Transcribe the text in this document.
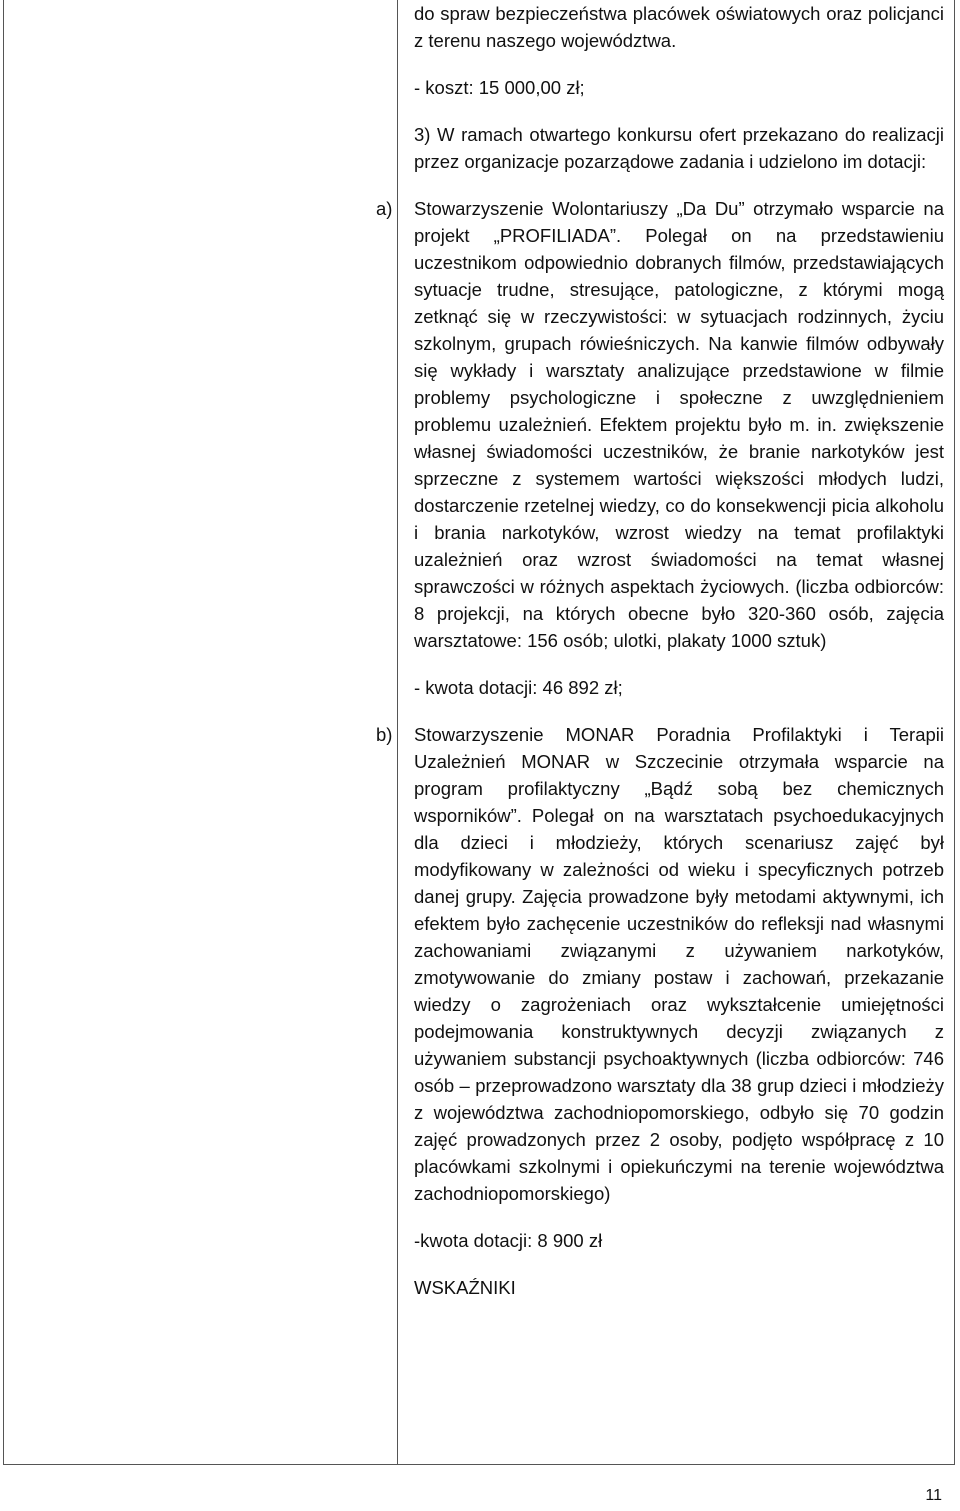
do spraw bezpieczeństwa placówek oświatowych oraz policjanci z terenu naszego województwa.

- koszt: 15 000,00 zł;

3) W ramach otwartego konkursu ofert przekazano do realizacji przez organizacje pozarządowe zadania i udzielono im dotacji:

a) Stowarzyszenie Wolontariuszy „Da Du” otrzymało wsparcie na projekt „PROFILIADA”. Polegał on na przedstawieniu uczestnikom odpowiednio dobranych filmów, przedstawiających sytuacje trudne, stresujące, patologiczne, z którymi mogą zetknąć się w rzeczywistości: w sytuacjach rodzinnych, życiu szkolnym, grupach rówieśniczych. Na kanwie filmów odbywały się wykłady i warsztaty analizujące przedstawione w filmie problemy psychologiczne i społeczne z uwzględnieniem problemu uzależnień. Efektem projektu było m. in. zwiększenie własnej świadomości uczestników, że branie narkotyków jest sprzeczne z systemem wartości większości młodych ludzi, dostarczenie rzetelnej wiedzy, co do konsekwencji picia alkoholu i brania narkotyków, wzrost wiedzy na temat profilaktyki uzależnień oraz wzrost świadomości na temat własnej sprawczości w różnych aspektach życiowych. (liczba odbiorców: 8 projekcji, na których obecne było 320-360 osób, zajęcia warsztatowe: 156 osób; ulotki, plakaty 1000 sztuk)

- kwota dotacji: 46 892 zł;

b) Stowarzyszenie MONAR Poradnia Profilaktyki i Terapii Uzależnień MONAR w Szczecinie otrzymała wsparcie na program profilaktyczny „Bądź sobą bez chemicznych wsporników”. Polegał on na warsztatach psychoedukacyjnych dla dzieci i młodzieży, których scenariusz zajęć był modyfikowany w zależności od wieku i specyficznych potrzeb danej grupy. Zajęcia prowadzone były metodami aktywnymi, ich efektem było zachęcenie uczestników do refleksji nad własnymi zachowaniami związanymi z używaniem narkotyków, zmotywowanie do zmiany postaw i zachowań, przekazanie wiedzy o zagrożeniach oraz wykształcenie umiejętności podejmowania konstruktywnych decyzji związanych z używaniem substancji psychoaktywnych (liczba odbiorców: 746 osób – przeprowadzono warsztaty dla 38 grup dzieci i młodzieży z województwa zachodniopomorskiego, odbyło się 70 godzin zajęć prowadzonych przez 2 osoby, podjęto współpracę z 10 placówkami szkolnymi i opiekuńczymi na terenie województwa zachodniopomorskiego)

-kwota dotacji: 8 900 zł

WSKAŹNIKI

11
